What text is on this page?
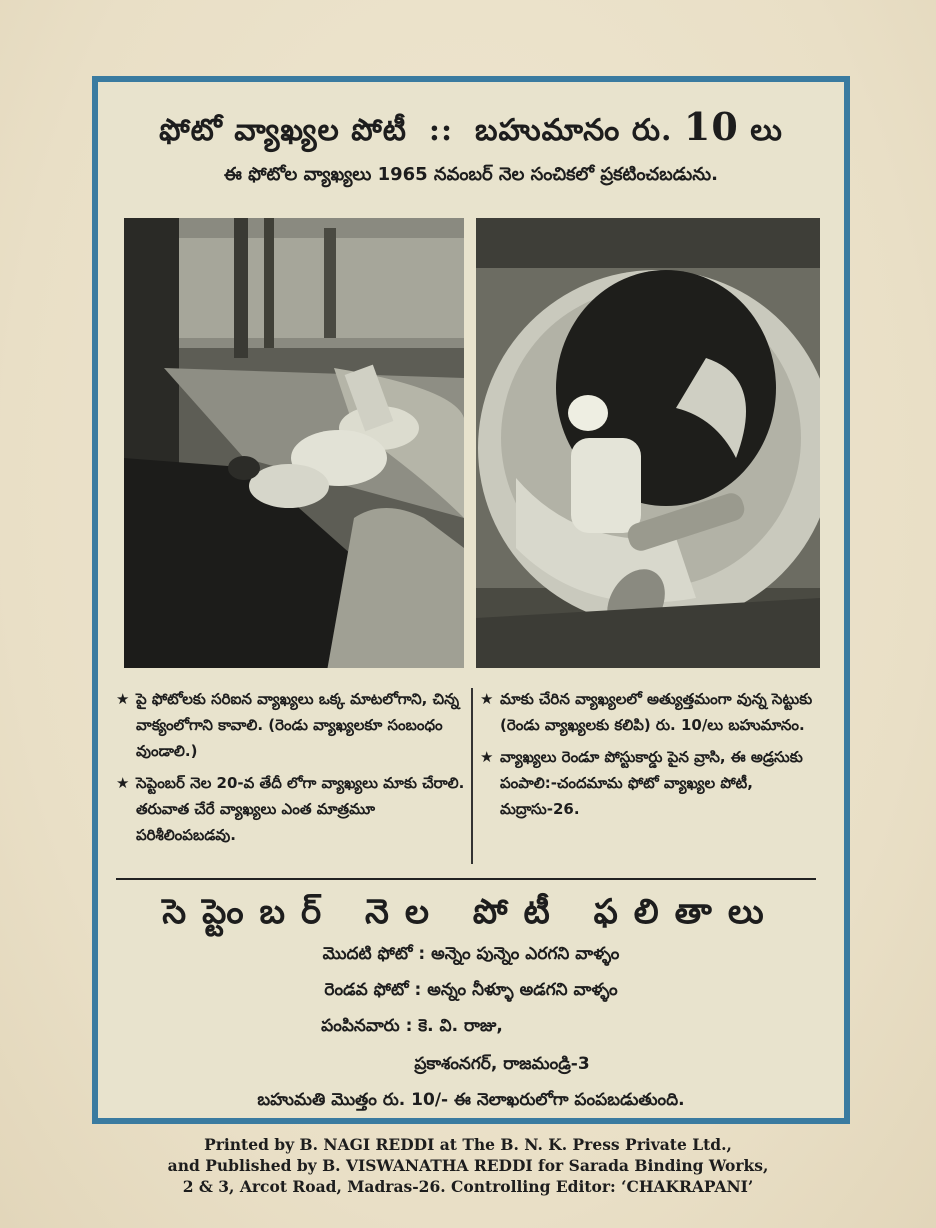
ఫోటో వ్యాఖ్యల పోటీ :: బహుమానం రు. 10 లు
ఈ ఫోటోల వ్యాఖ్యలు 1965 నవంబర్ నెల సంచికలో ప్రకటించబడును.
★ పై ఫోటోలకు సరిఐన వ్యాఖ్యలు ఒక్క మాటలోగాని, చిన్న వాక్యంలోగాని కావాలి. (రెండు వ్యాఖ్యలకూ సంబంధం వుండాలి.)
★ సెప్టెంబర్ నెల 20-వ తేదీ లోగా వ్యాఖ్యలు మాకు చేరాలి. తరువాత చేరే వ్యాఖ్యలు ఎంత మాత్రమూ పరిశీలింపబడవు.
★ మాకు చేరిన వ్యాఖ్యలలో అత్యుత్తమంగా వున్న సెట్టుకు (రెండు వ్యాఖ్యలకు కలిపి) రు. 10/లు బహుమానం.
★ వ్యాఖ్యలు రెండూ పోస్టుకార్డు పైన వ్రాసి, ఈ అడ్రసుకు పంపాలి:-చందమామ ఫోటో వ్యాఖ్యల పోటీ, మద్రాసు-26.
సెప్టెంబర్ నెల పోటీ ఫలితాలు
మొదటి ఫోటో : అన్నెం పున్నెం ఎరగని వాళ్ళం
రెండవ ఫోటో : అన్నం నీళ్ళూ అడగని వాళ్ళం
పంపినవారు : కె. వి. రాజు,
ప్రకాశంనగర్, రాజమండ్రి-3
బహుమతి మొత్తం రు. 10/- ఈ నెలాఖరులోగా పంపబడుతుంది.
Printed by B. NAGI REDDI at The B. N. K. Press Private Ltd.,
and Published by B. VISWANATHA REDDI for Sarada Binding Works,
2 & 3, Arcot Road, Madras-26. Controlling Editor: ‘CHAKRAPANI’
